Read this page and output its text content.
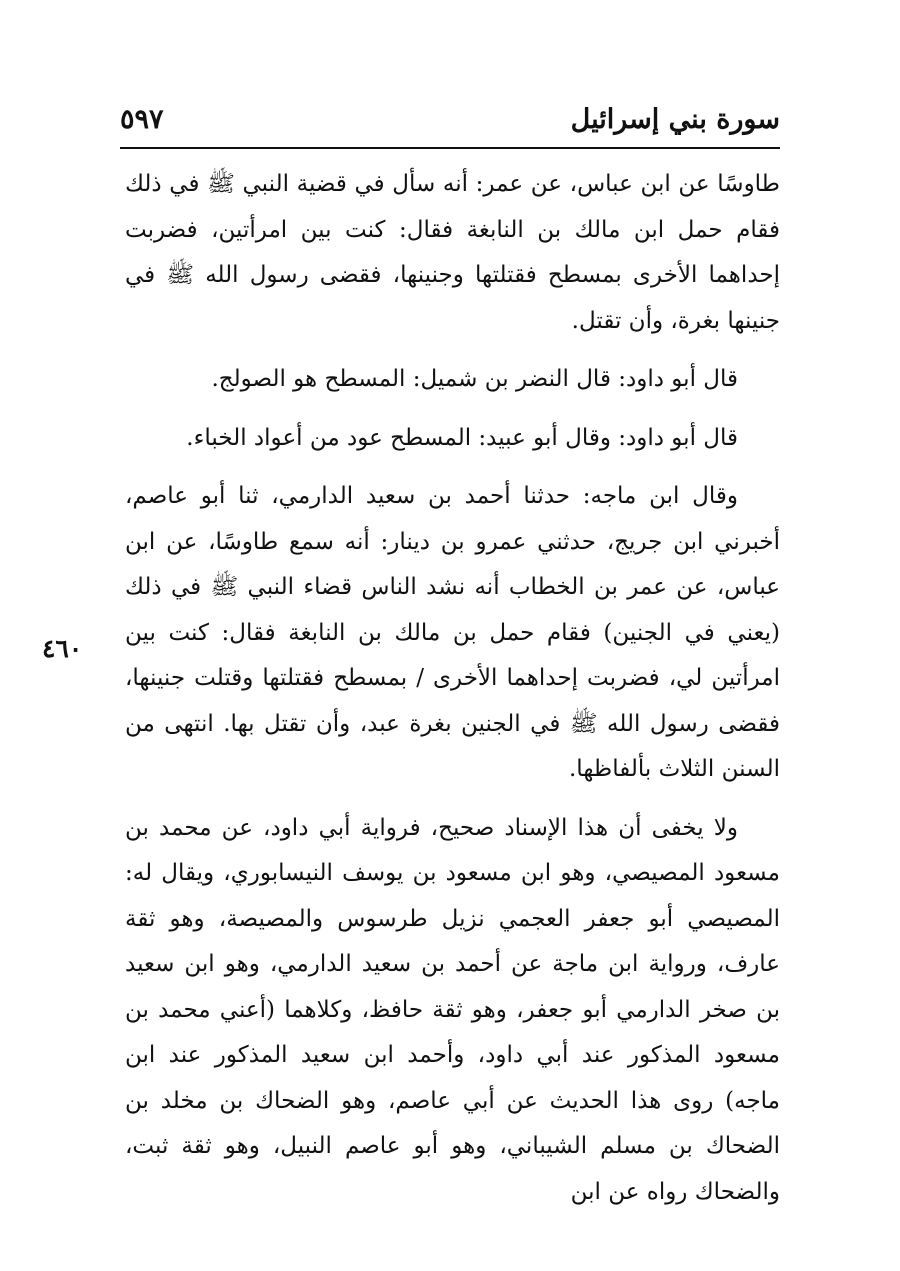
سورة بني إسرائيل
٥٩٧
٤٦٠

طاوسًا عن ابن عباس، عن عمر: أنه سأل في قضية النبي ﷺ في ذلك فقام حمل ابن مالك بن النابغة فقال: كنت بين امرأتين، فضربت إحداهما الأخرى بمسطح فقتلتها وجنينها، فقضى رسول الله ﷺ في جنينها بغرة، وأن تقتل.

قال أبو داود: قال النضر بن شميل: المسطح هو الصولج.

قال أبو داود: وقال أبو عبيد: المسطح عود من أعواد الخباء.

وقال ابن ماجه: حدثنا أحمد بن سعيد الدارمي، ثنا أبو عاصم، أخبرني ابن جريج، حدثني عمرو بن دينار: أنه سمع طاوسًا، عن ابن عباس، عن عمر بن الخطاب أنه نشد الناس قضاء النبي ﷺ في ذلك (يعني في الجنين) فقام حمل بن مالك بن النابغة فقال: كنت بين امرأتين لي، فضربت إحداهما الأخرى / بمسطح فقتلتها وقتلت جنينها، فقضى رسول الله ﷺ في الجنين بغرة عبد، وأن تقتل بها. انتهى من السنن الثلاث بألفاظها.

ولا يخفى أن هذا الإسناد صحيح، فرواية أبي داود، عن محمد بن مسعود المصيصي، وهو ابن مسعود بن يوسف النيسابوري، ويقال له: المصيصي أبو جعفر العجمي نزيل طرسوس والمصيصة، وهو ثقة عارف، ورواية ابن ماجة عن أحمد بن سعيد الدارمي، وهو ابن سعيد بن صخر الدارمي أبو جعفر، وهو ثقة حافظ، وكلاهما (أعني محمد بن مسعود المذكور عند أبي داود، وأحمد ابن سعيد المذكور عند ابن ماجه) روى هذا الحديث عن أبي عاصم، وهو الضحاك بن مخلد بن الضحاك بن مسلم الشيباني، وهو أبو عاصم النبيل، وهو ثقة ثبت، والضحاك رواه عن ابن
